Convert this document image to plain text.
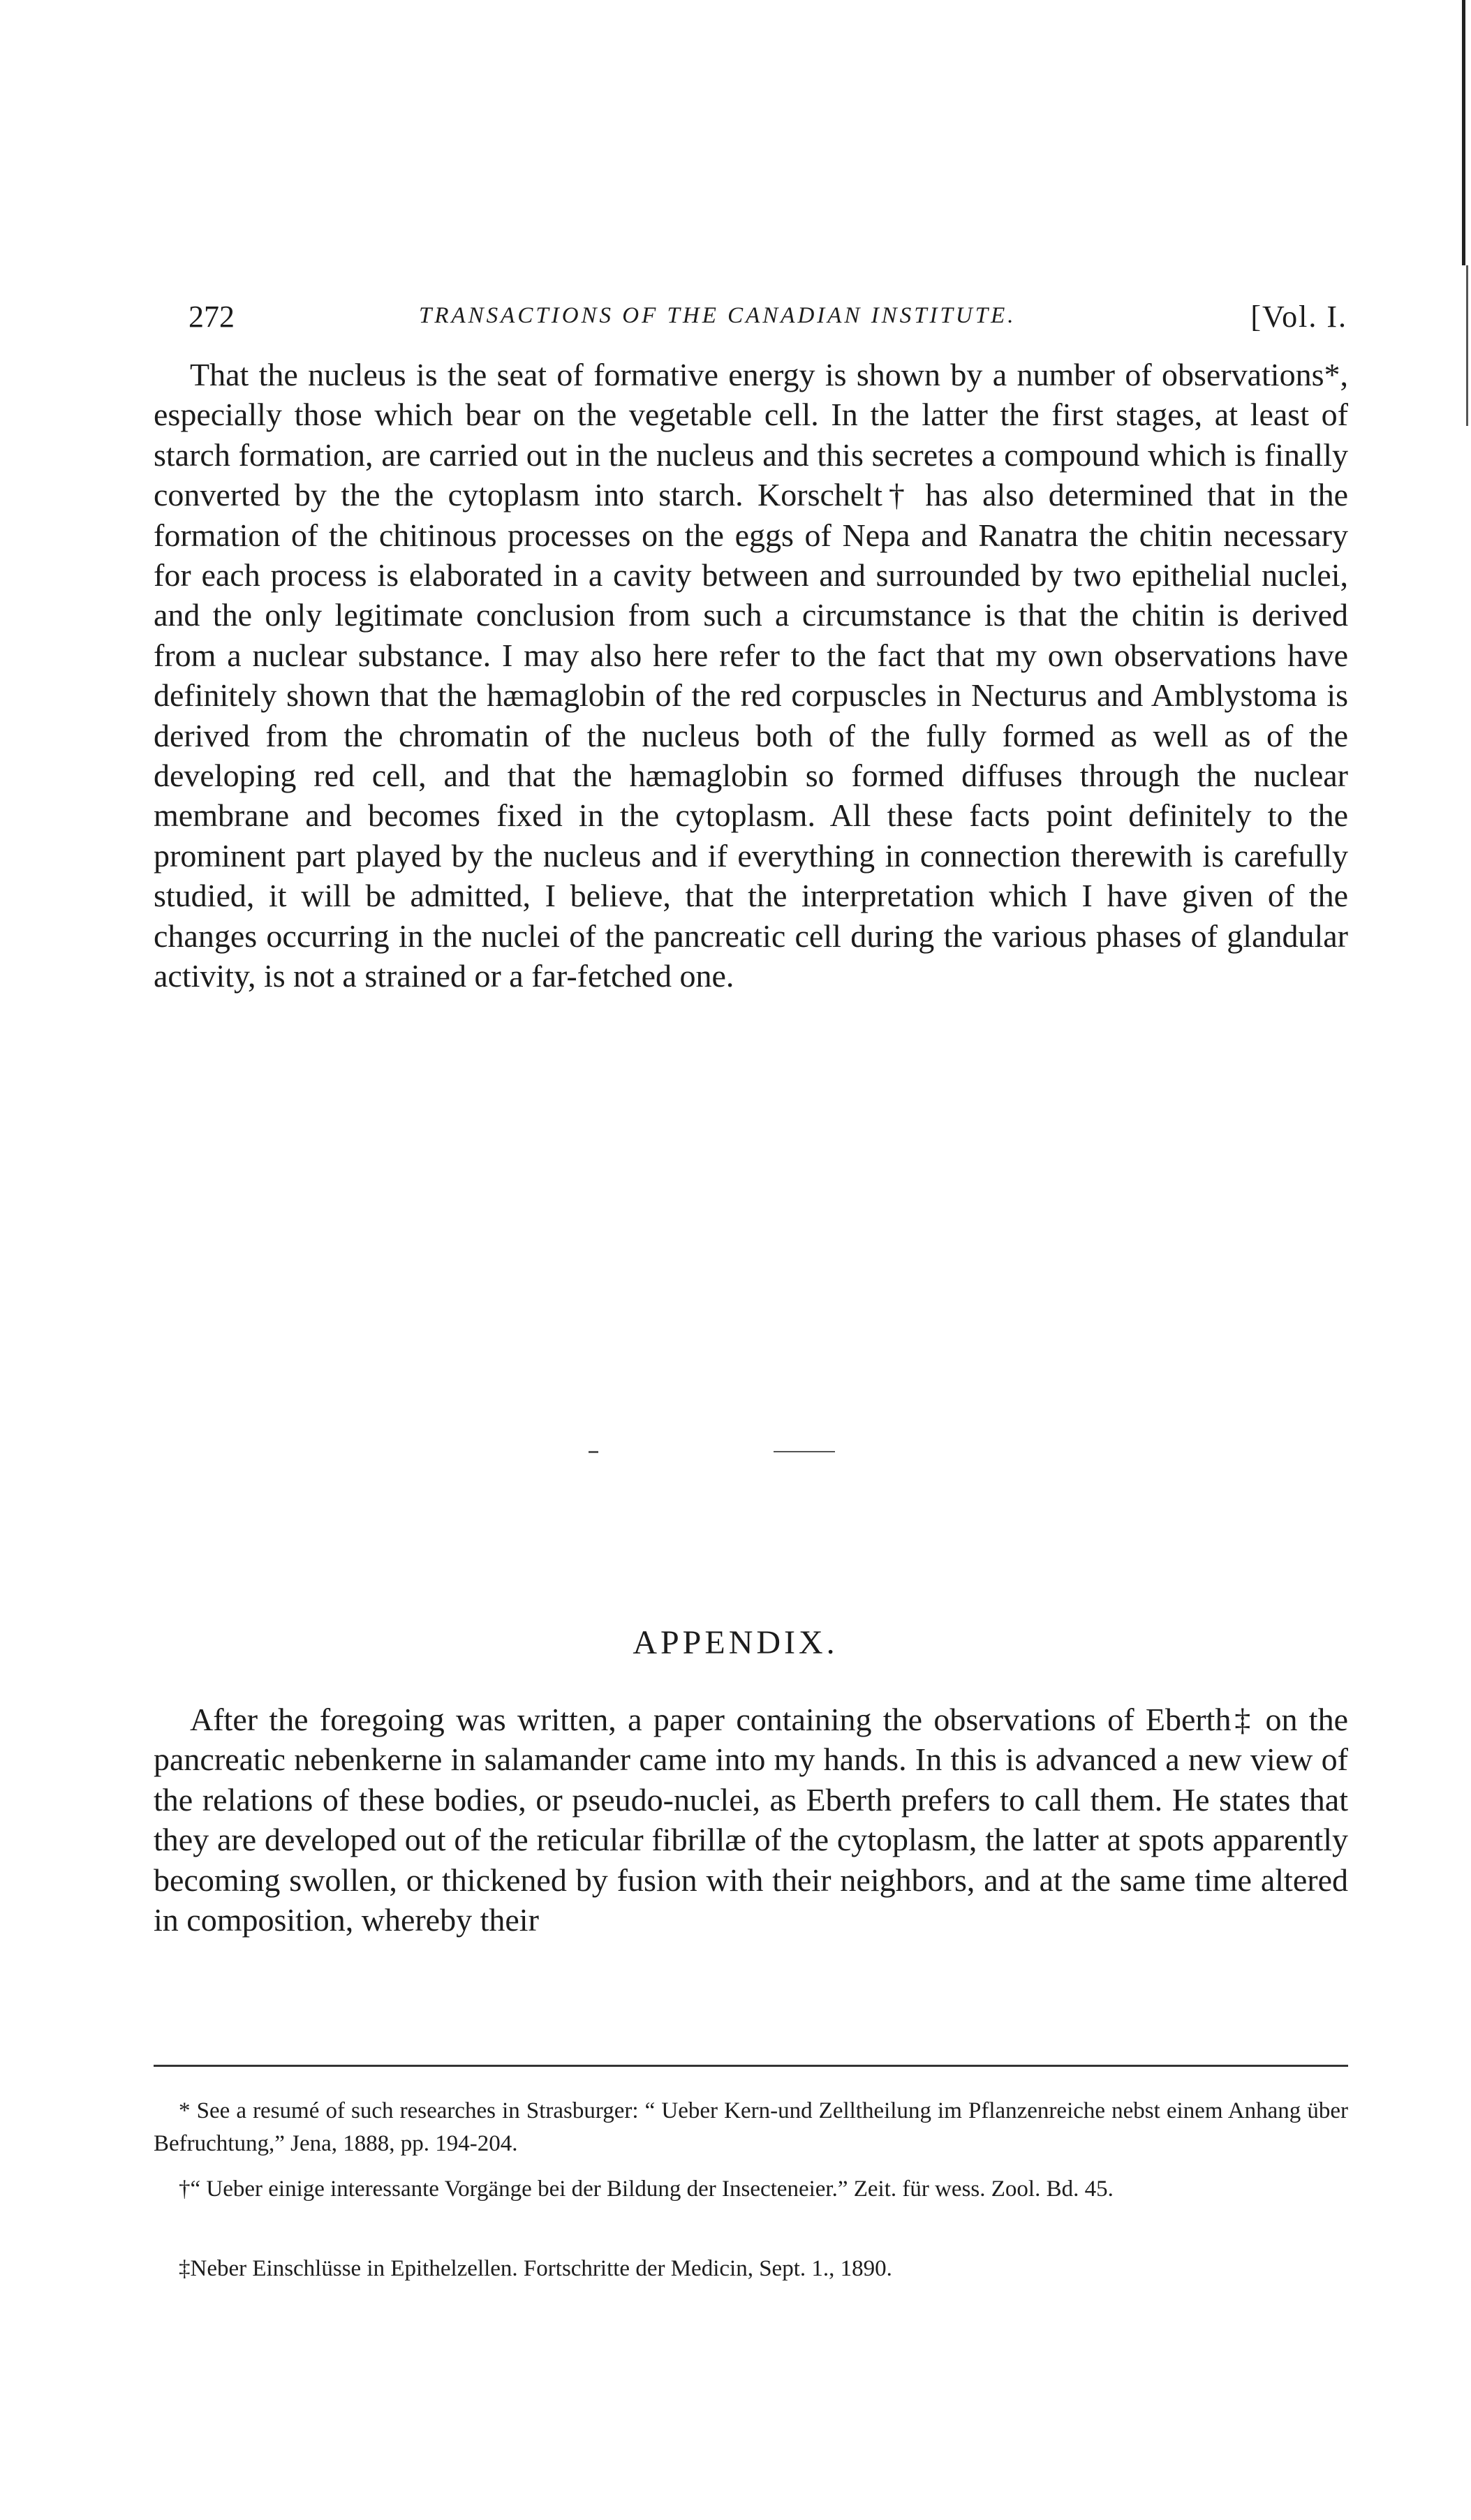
272	TRANSACTIONS OF THE CANADIAN INSTITUTE.	[Vol. I.

That the nucleus is the seat of formative energy is shown by a number of observations*, especially those which bear on the vegetable cell. In the latter the first stages, at least of starch formation, are carried out in the nucleus and this secretes a compound which is finally converted by the the cytoplasm into starch. Korschelt† has also determined that in the formation of the chitinous processes on the eggs of Nepa and Ranatra the chitin necessary for each process is elaborated in a cavity between and surrounded by two epithelial nuclei, and the only legitimate conclusion from such a circumstance is that the chitin is derived from a nuclear substance. I may also here refer to the fact that my own observations have definitely shown that the hæmaglobin of the red corpuscles in Necturus and Amblystoma is derived from the chromatin of the nucleus both of the fully formed as well as of the developing red cell, and that the hæmaglobin so formed diffuses through the nuclear membrane and becomes fixed in the cytoplasm. All these facts point definitely to the prominent part played by the nucleus and if everything in connection therewith is carefully studied, it will be admitted, I believe, that the interpretation which I have given of the changes occurring in the nuclei of the pancreatic cell during the various phases of glandular activity, is not a strained or a far-fetched one.

APPENDIX.

After the foregoing was written, a paper containing the observations of Eberth‡ on the pancreatic nebenkerne in salamander came into my hands. In this is advanced a new view of the relations of these bodies, or pseudo-nuclei, as Eberth prefers to call them. He states that they are developed out of the reticular fibrillæ of the cytoplasm, the latter at spots apparently becoming swollen, or thickened by fusion with their neighbors, and at the same time altered in composition, whereby their

* See a resumé of such researches in Strasburger: “ Ueber Kern-und Zelltheilung im Pflanzenreiche nebst einem Anhang über Befruchtung,” Jena, 1888, pp. 194-204.

†“ Ueber einige interessante Vorgänge bei der Bildung der Insecteneier.” Zeit. für wess. Zool. Bd. 45.

‡Neber Einschlüsse in Epithelzellen. Fortschritte der Medicin, Sept. 1., 1890.
